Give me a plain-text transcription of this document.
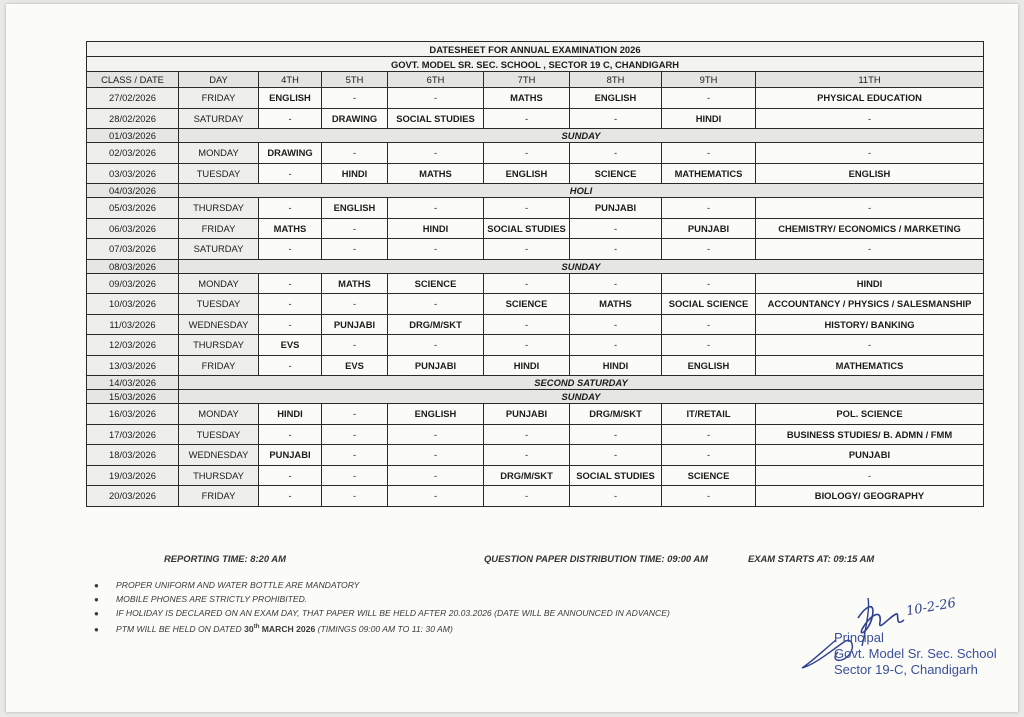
DATESHEET FOR ANNUAL EXAMINATION 2026								
GOVT. MODEL SR. SEC. SCHOOL , SECTOR 19 C, CHANDIGARH								
CLASS / DATE	DAY	4TH	5TH	6TH	7TH	8TH	9TH	11TH
27/02/2026	FRIDAY	ENGLISH	-	-	MATHS	ENGLISH	-	PHYSICAL EDUCATION
28/02/2026	SATURDAY	-	DRAWING	SOCIAL STUDIES	-	-	HINDI	-
01/03/2026	SUNDAY							
02/03/2026	MONDAY	DRAWING	-	-	-	-	-	-
03/03/2026	TUESDAY	-	HINDI	MATHS	ENGLISH	SCIENCE	MATHEMATICS	ENGLISH
04/03/2026	HOLI							
05/03/2026	THURSDAY	-	ENGLISH	-	-	PUNJABI	-	-
06/03/2026	FRIDAY	MATHS	-	HINDI	SOCIAL STUDIES	-	PUNJABI	CHEMISTRY/ ECONOMICS / MARKETING
07/03/2026	SATURDAY	-	-	-	-	-	-	-
08/03/2026	SUNDAY							
09/03/2026	MONDAY	-	MATHS	SCIENCE	-	-	-	HINDI
10/03/2026	TUESDAY	-	-	-	SCIENCE	MATHS	SOCIAL SCIENCE	ACCOUNTANCY / PHYSICS / SALESMANSHIP
11/03/2026	WEDNESDAY	-	PUNJABI	DRG/M/SKT	-	-	-	HISTORY/ BANKING
12/03/2026	THURSDAY	EVS	-	-	-	-	-	-
13/03/2026	FRIDAY	-	EVS	PUNJABI	HINDI	HINDI	ENGLISH	MATHEMATICS
14/03/2026	SECOND SATURDAY							
15/03/2026	SUNDAY							
16/03/2026	MONDAY	HINDI	-	ENGLISH	PUNJABI	DRG/M/SKT	IT/RETAIL	POL. SCIENCE
17/03/2026	TUESDAY	-	-	-	-	-	-	BUSINESS STUDIES/ B. ADMN / FMM
18/03/2026	WEDNESDAY	PUNJABI	-	-	-	-	-	PUNJABI
19/03/2026	THURSDAY	-	-	-	DRG/M/SKT	SOCIAL STUDIES	SCIENCE	-
20/03/2026	FRIDAY	-	-	-	-	-	-	BIOLOGY/ GEOGRAPHY
REPORTING TIME: 8:20 AM	QUESTION PAPER DISTRIBUTION TIME: 09:00 AM	EXAM STARTS AT: 09:15 AM
● PROPER UNIFORM AND WATER BOTTLE ARE MANDATORY
● MOBILE PHONES ARE STRICTLY PROHIBITED.
● IF HOLIDAY IS DECLARED ON AN EXAM DAY, THAT PAPER WILL BE HELD AFTER 20.03.2026 (DATE WILL BE ANNOUNCED IN ADVANCE)
● PTM WILL BE HELD ON DATED 30th MARCH 2026 (TIMINGS 09:00 AM TO 11: 30 AM)
10-2-26
Principal
Govt. Model Sr. Sec. School
Sector 19-C, Chandigarh
